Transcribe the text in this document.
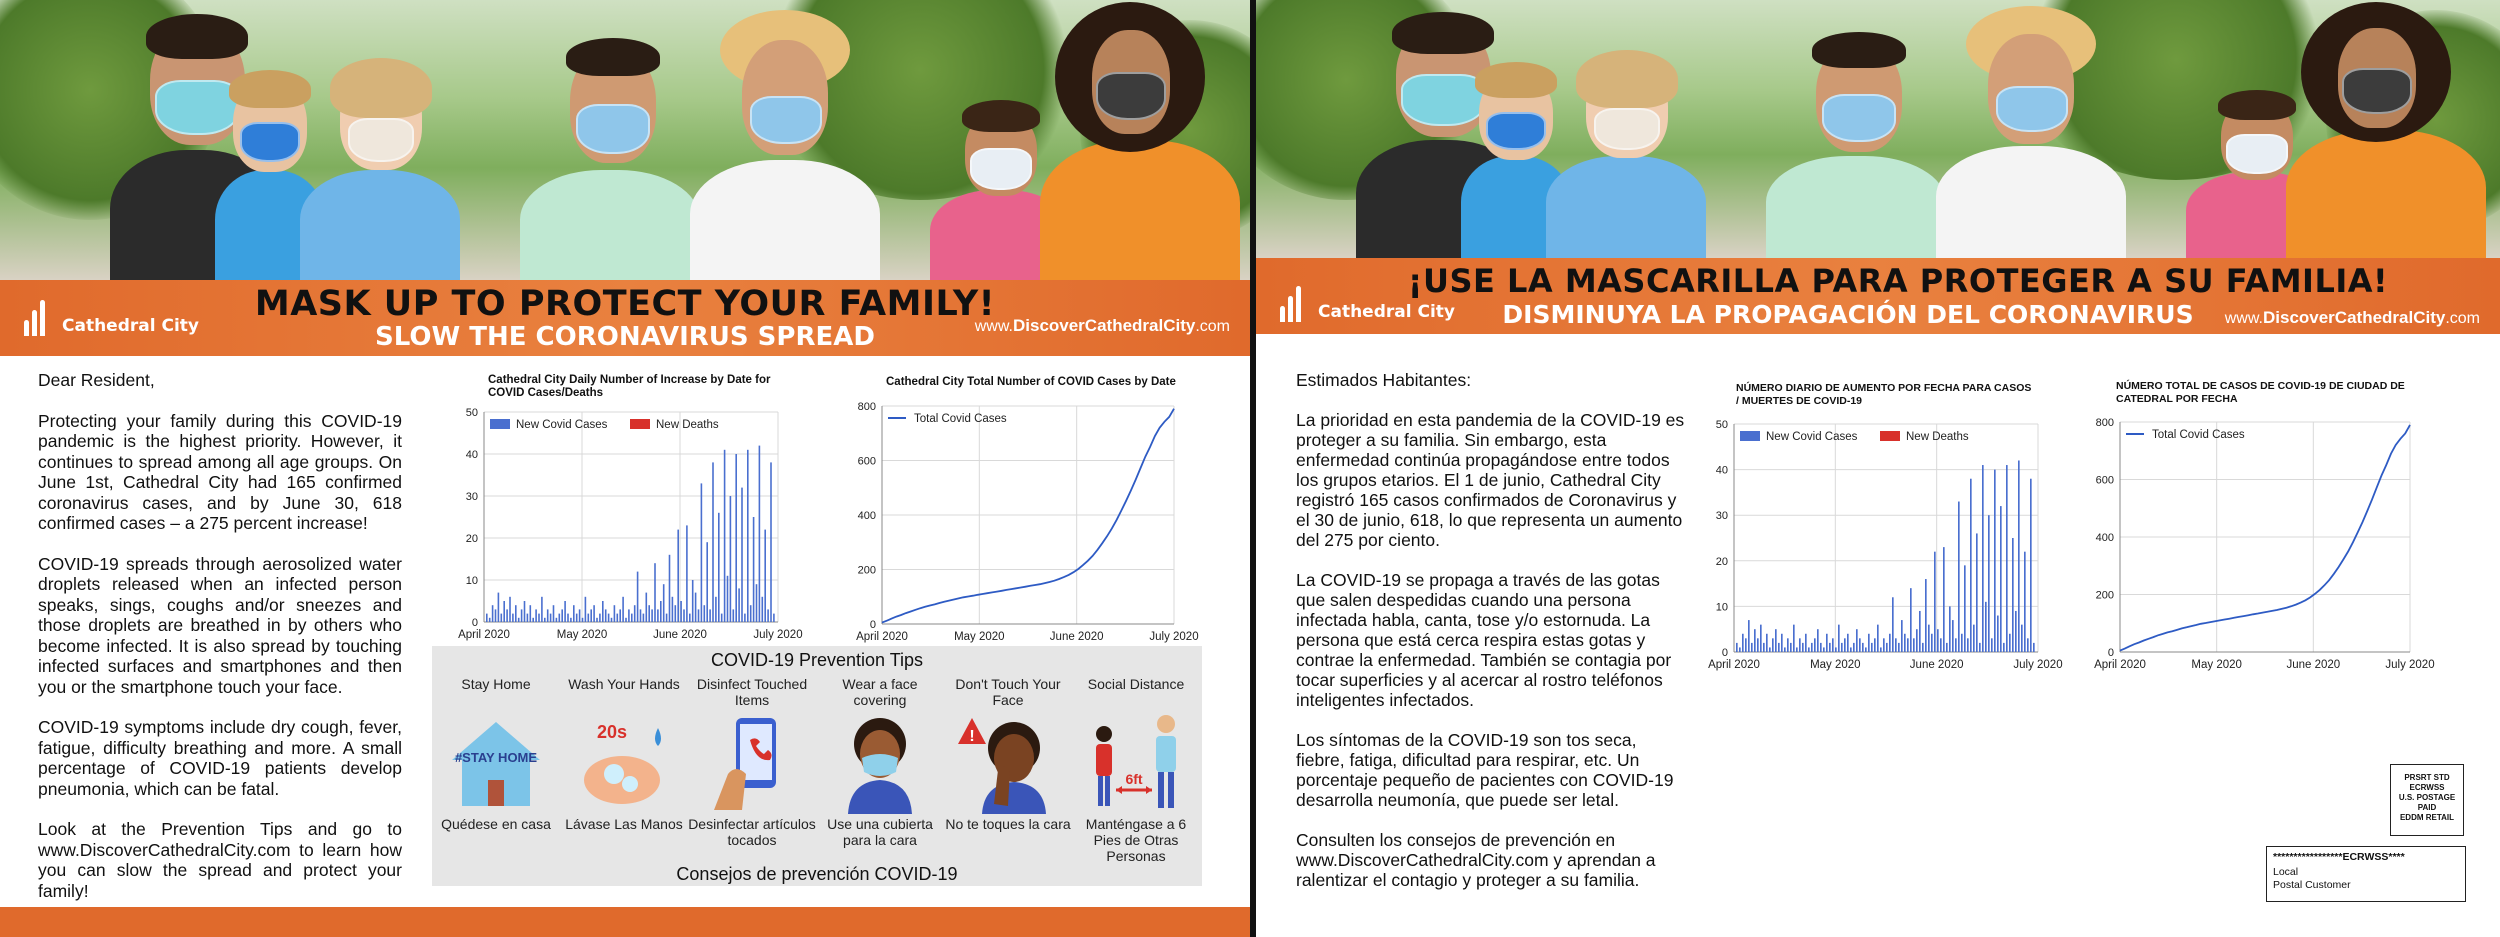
Cathedral City
MASK UP TO PROTECT YOUR FAMILY!
SLOW THE CORONAVIRUS SPREAD	www.DiscoverCathedralCity.com

Dear Resident,

Protecting your family during this COVID-19 pandemic is the highest priority. However, it continues to spread among all age groups. On June 1st, Cathedral City had 165 confirmed coronavirus cases, and by June 30, 618 confirmed cases – a 275 percent increase!

COVID-19 spreads through aerosolized water droplets released when an infected person speaks, sings, coughs and/or sneezes and those droplets are breathed in by others who become infected. It is also spread by touching infected surfaces and smartphones and then you or the smartphone touch your face.

COVID-19 symptoms include dry cough, fever, fatigue, difficulty breathing and more. A small percentage of COVID-19 patients develop pneumonia, which can be fatal.

Look at the Prevention Tips and go to www.DiscoverCathedralCity.com to learn how you can slow the spread and protect your family!

Cathedral City Daily Number of Increase by Date for COVID Cases/Deaths
0
10
20
30
40
50
April 2020	May 2020	June 2020	July 2020
New Covid Cases	New Deaths
Cathedral City Total Number of COVID Cases by Date
0
200
400
600
800
April 2020	May 2020	June 2020	July 2020
Total Covid Cases
COVID-19 Prevention Tips
Stay Home
#STAY HOME
Quédese en casa
Wash Your Hands
20s
Lávase Las Manos
Disinfect Touched Items
Desinfectar artículos tocados
Wear a face covering
Use una cubierta para la cara
Don't Touch Your Face
!
No te toques la cara
Social Distance
6ft
Manténgase a 6 Pies de Otras Personas
Consejos de prevención COVID-19
Cathedral City
¡USE LA MASCARILLA PARA PROTEGER A SU FAMILIA!
DISMINUYA LA PROPAGACIÓN DEL CORONAVIRUS	www.DiscoverCathedralCity.com

Estimados Habitantes:

La prioridad en esta pandemia de la COVID-19 es proteger a su familia. Sin embargo, esta enfermedad continúa propagándose entre todos los grupos etarios. El 1 de junio, Cathedral City registró 165 casos confirmados de Coronavirus y el 30 de junio, 618, lo que representa un aumento del 275 por ciento.

La COVID-19 se propaga a través de las gotas que salen despedidas cuando una persona infectada habla, canta, tose y/o estornuda. La persona que está cerca respira estas gotas y contrae la enfermedad. También se contagia por tocar superficies y al acercar al rostro teléfonos inteligentes infectados.

Los síntomas de la COVID-19 son tos seca, fiebre, fatiga, dificultad para respirar, etc. Un porcentaje pequeño de pacientes con COVID-19 desarrolla neumonía, que puede ser letal.

Consulten los consejos de prevención en www.DiscoverCathedralCity.com y aprendan a ralentizar el contagio y proteger a su familia.

NÚMERO DIARIO DE AUMENTO POR FECHA PARA CASOS / MUERTES DE COVID-19
0
10
20
30
40
50
April 2020	May 2020	June 2020	July 2020
New Covid Cases	New Deaths
NÚMERO TOTAL DE CASOS DE COVID-19 DE CIUDAD DE CATEDRAL POR FECHA
0
200
400
600
800
April 2020	May 2020	June 2020	July 2020
Total Covid Cases
PRSRT STD
ECRWSS
U.S. POSTAGE
PAID
EDDM RETAIL
*****************ECRWSS****
Local
Postal Customer
